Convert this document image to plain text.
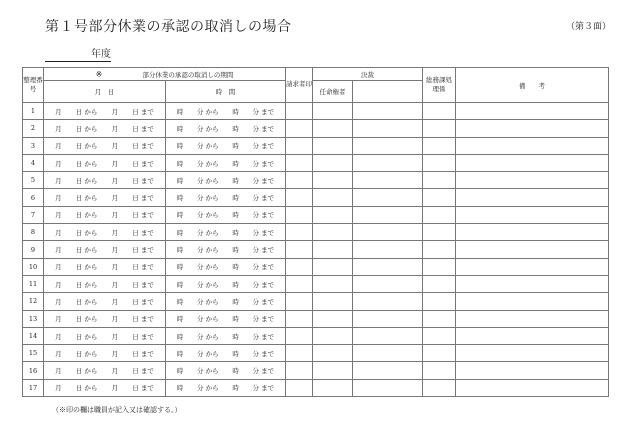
第１号部分休業の承認の取消しの場合	（第３面）
年度
整理番号	※ 部分休業の承認の取消しの期間		請求者印	決裁		総務課処理係	備　　考
	月　日	時　間		任命権者			
1	月 日 から 月 日 まで	時 分 から 時 分 まで					

2	月 日 から 月 日 まで	時 分 から 時 分 まで					

3	月 日 から 月 日 まで	時 分 から 時 分 まで					

4	月 日 から 月 日 まで	時 分 から 時 分 まで					

5	月 日 から 月 日 まで	時 分 から 時 分 まで					

6	月 日 から 月 日 まで	時 分 から 時 分 まで					

7	月 日 から 月 日 まで	時 分 から 時 分 まで					

8	月 日 から 月 日 まで	時 分 から 時 分 まで					

9	月 日 から 月 日 まで	時 分 から 時 分 まで					

10	月 日 から 月 日 まで	時 分 から 時 分 まで					

11	月 日 から 月 日 まで	時 分 から 時 分 まで					

12	月 日 から 月 日 まで	時 分 から 時 分 まで					

13	月 日 から 月 日 まで	時 分 から 時 分 まで					

14	月 日 から 月 日 まで	時 分 から 時 分 まで					

15	月 日 から 月 日 まで	時 分 から 時 分 まで					

16	月 日 から 月 日 まで	時 分 から 時 分 まで					

17	月 日 から 月 日 まで	時 分 から 時 分 まで					

（※印の欄は職員が記入又は確認する。）
